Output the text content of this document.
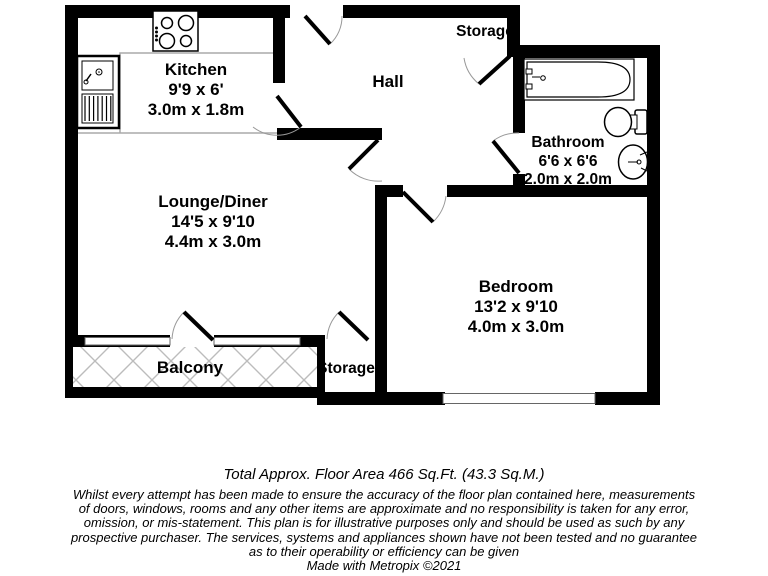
Kitchen
9'9 x 6'
3.0m x 1.8m
Hall
Storage
Bathroom
6'6 x 6'6
2.0m x 2.0m
Lounge/Diner
14'5 x 9'10
4.4m x 3.0m
Bedroom
13'2 x 9'10
4.0m x 3.0m
Balcony	Storage
Total Approx. Floor Area 466 Sq.Ft. (43.3 Sq.M.)
Whilst every attempt has been made to ensure the accuracy of the floor plan contained here, measurements
of doors, windows, rooms and any other items are approximate and no responsibility is taken for any error,
omission, or mis-statement. This plan is for illustrative purposes only and should be used as such by any
prospective purchaser. The services, systems and appliances shown have not been tested and no guarantee
as to their operability or efficiency can be given
Made with Metropix ©2021
